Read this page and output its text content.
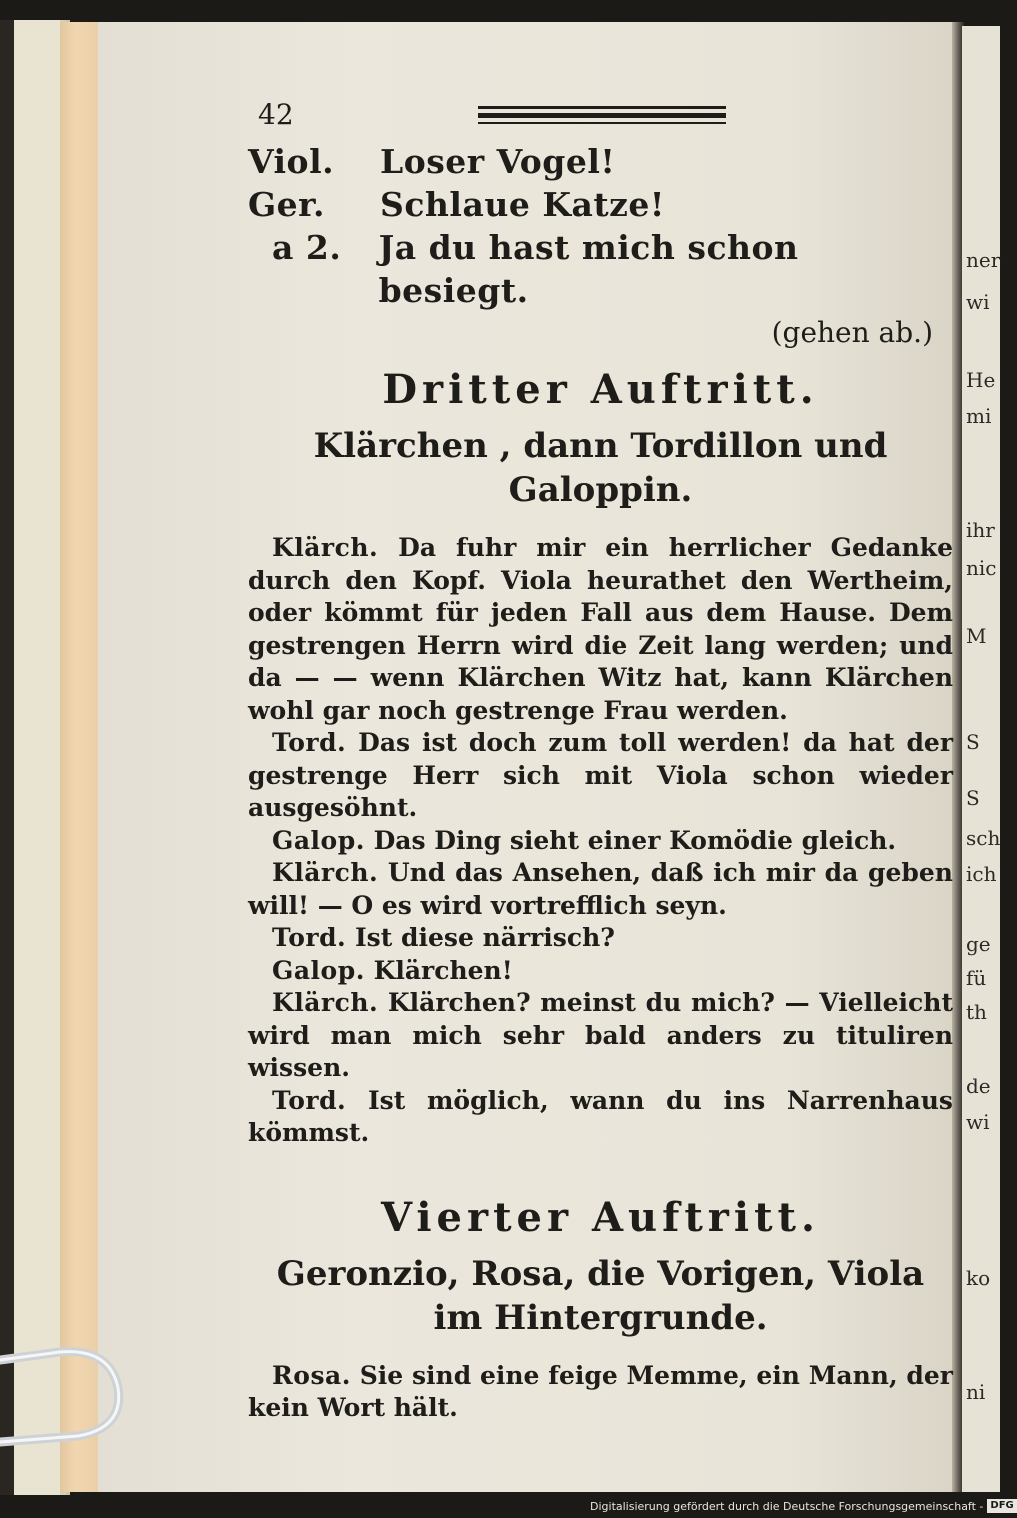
ner
wi
He
mi
ihr
nic
M
S
S
sch
ich
ge
fü
th
de
wi
ko
ni
42
Viol.	Loser Vogel!
Ger.	Schlaue Katze!
a 2.	Ja du hast mich schon besiegt.
(gehen ab.)
Dritter Auftritt.
Klärchen , dann Tordillon und Galoppin.

Klärch. Da fuhr mir ein herrlicher Gedanke durch den Kopf. Viola heurathet den Wertheim, oder kömmt für jeden Fall aus dem Hause. Dem gestrengen Herrn wird die Zeit lang werden; und da — — wenn Klärchen Witz hat, kann Klärchen wohl gar noch gestrenge Frau werden.

Tord. Das ist doch zum toll werden! da hat der gestrenge Herr sich mit Viola schon wieder ausgesöhnt.

Galop. Das Ding sieht einer Komödie gleich.

Klärch. Und das Ansehen, daß ich mir da geben will! — O es wird vortrefflich seyn.

Tord. Ist diese närrisch?

Galop. Klärchen!

Klärch. Klärchen? meinst du mich? — Vielleicht wird man mich sehr bald anders zu tituliren wissen.

Tord. Ist möglich, wann du ins Narrenhaus kömmst.

Vierter Auftritt.
Geronzio, Rosa, die Vorigen, Viola
im Hintergrunde.

Rosa. Sie sind eine feige Memme, ein Mann, der kein Wort hält.

Digitalisierung gefördert durch die Deutsche Forschungsgemeinschaft - DFG
